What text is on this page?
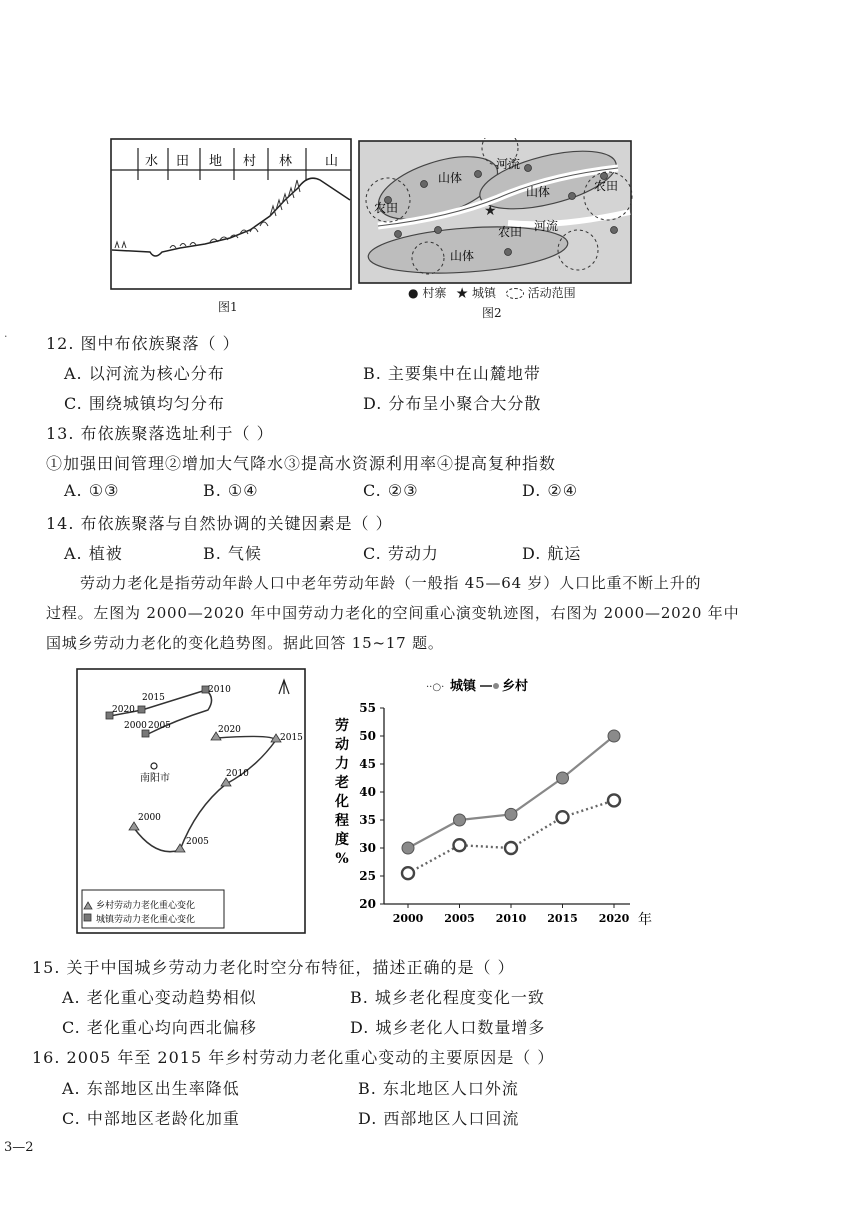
水 田 地 村 林	山
图1
★
山体
山体
山体
农田
农田
农田
河流
河流
● 村寨 ★ 城镇	活动范围
图2
· 12. 图中布依族聚落（ ）
A. 以河流为核心分布	B. 主要集中在山麓地带
C. 围绕城镇均匀分布	D. 分布呈小聚合大分散
13. 布依族聚落选址利于（ ）
①加强田间管理②增加大气降水③提高水资源利用率④提高复种指数
A. ①③	B. ①④	C. ②③	D. ②④
14. 布依族聚落与自然协调的关键因素是（ ）
A. 植被	B. 气候	C. 劳动力	D. 航运
劳动力老化是指劳动年龄人口中老年劳动年龄（一般指 45—64 岁）人口比重不断上升的
过程。左图为 2000—2020 年中国劳动力老化的空间重心演变轨迹图，右图为 2000—2020 年中
国城乡劳动力老化的变化趋势图。据此回答 15~17 题。
南阳市
2020
2015
2010
2000 2005	2020
2015
2010
2000
2005
乡村劳动力老化重心变化
城镇劳动力老化重心变化
··○· 城镇 乡村
劳
动
力
老
化
程
度
%
20
25
30
35
40
45
50
55
2000 2005 2010 2015 2020 年
15. 关于中国城乡劳动力老化时空分布特征，描述正确的是（ ）
A. 老化重心变动趋势相似	B. 城乡老化程度变化一致
C. 老化重心均向西北偏移	D. 城乡老化人口数量增多
16. 2005 年至 2015 年乡村劳动力老化重心变动的主要原因是（ ）
A. 东部地区出生率降低	B. 东北地区人口外流
C. 中部地区老龄化加重	D. 西部地区人口回流
3—2
